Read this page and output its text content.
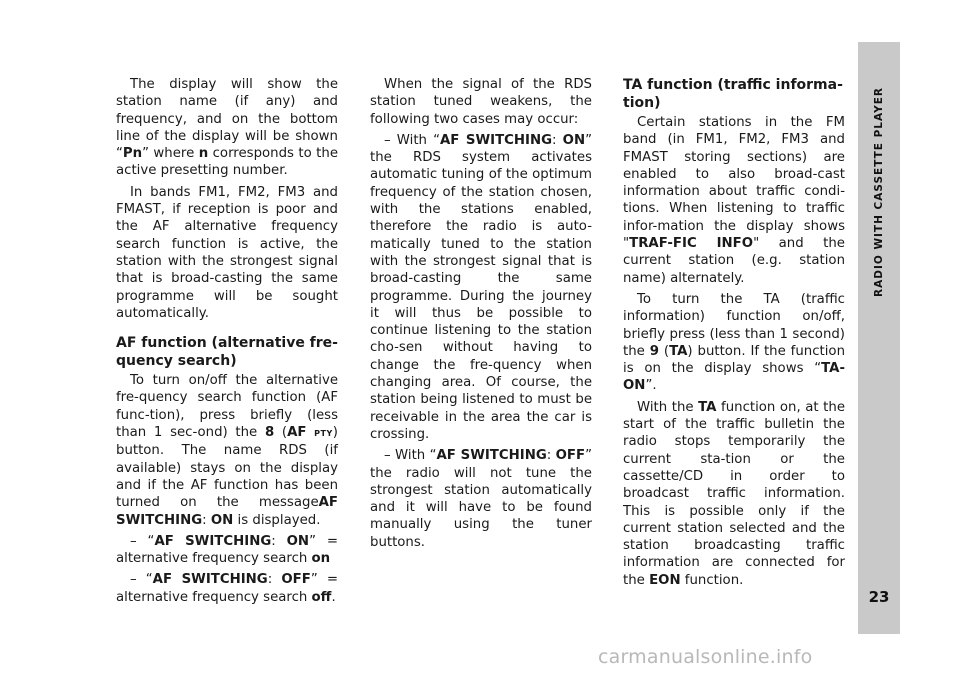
The display will show the station name (if any) and frequency, and on the bottom line of the display will be shown “Pn” where n corresponds to the active presetting number.

In bands FM1, FM2, FM3 and FMAST, if reception is poor and the AF alternative frequency search function is active, the station with the strongest signal that is broad-casting the same programme will be sought automatically.

AF function (alternative fre-quency search)

To turn on/off the alternative fre-quency search function (AF func-tion), press briefly (less than 1 sec-ond) the 8 (AF PTY) button. The name RDS (if available) stays on the display and if the AF function has been turned on the messageAF SWITCHING: ON is displayed.

– “AF SWITCHING: ON” = alternative frequency search on

– “AF SWITCHING: OFF” = alternative frequency search off.

When the signal of the RDS station tuned weakens, the following two cases may occur:

– With “AF SWITCHING: ON” the RDS system activates automatic tuning of the optimum frequency of the station chosen, with the stations enabled, therefore the radio is auto-matically tuned to the station with the strongest signal that is broad-casting the same programme. During the journey it will thus be possible to continue listening to the station cho-sen without having to change the fre-quency when changing area. Of course, the station being listened to must be receivable in the area the car is crossing.

– With “AF SWITCHING: OFF” the radio will not tune the strongest station automatically and it will have to be found manually using the tuner buttons.

TA function (traffic informa-tion)

Certain stations in the FM band (in FM1, FM2, FM3 and FMAST storing sections) are enabled to also broad-cast information about traffic condi-tions. When listening to traffic infor-mation the display shows "TRAF-FIC INFO" and the current station (e.g. station name) alternately.

To turn the TA (traffic information) function on/off, briefly press (less than 1 second) the 9 (TA) button. If the function is on the display shows “TA-ON”.

With the TA function on, at the start of the traffic bulletin the radio stops temporarily the current sta-tion or the cassette/CD in order to broadcast traffic information. This is possible only if the current station selected and the station broadcasting traffic information are connected for the EON function.

RADIO WITH CASSETTE PLAYER
23
carmanualsonline.info
